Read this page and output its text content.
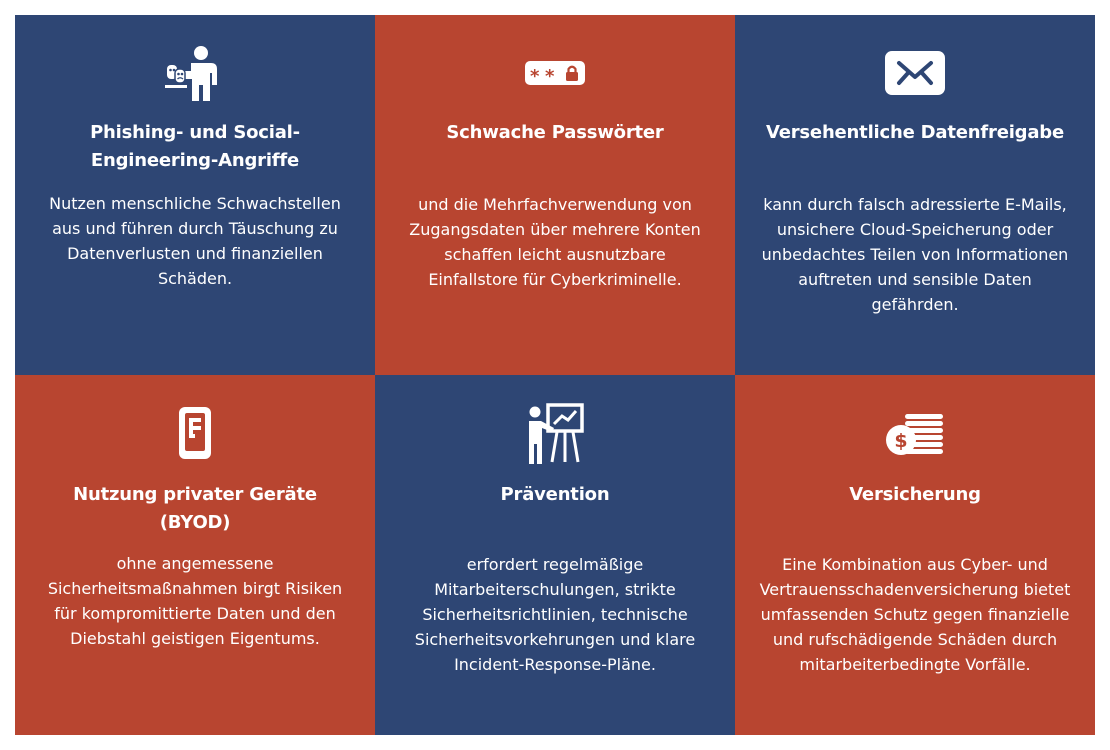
Phishing- und Social-Engineering-Angriffe

Nutzen menschliche Schwachstellen aus und führen durch Täuschung zu Datenverlusten und finanziellen Schäden.

* *
Schwache Passwörter

und die Mehrfachverwendung von Zugangsdaten über mehrere Konten schaffen leicht ausnutzbare Einfallstore für Cyberkriminelle.

Versehentliche Datenfreigabe

kann durch falsch adressierte E-Mails, unsichere Cloud-Speicherung oder unbedachtes Teilen von Informationen auftreten und sensible Daten gefährden.

Nutzung privater Geräte (BYOD)

ohne angemessene Sicherheitsmaßnahmen birgt Risiken für kompromittierte Daten und den Diebstahl geistigen Eigentums.

Prävention

erfordert regelmäßige Mitarbeiterschulungen, strikte Sicherheitsrichtlinien, technische Sicherheitsvorkehrungen und klare Incident-Response-Pläne.

$
Versicherung

Eine Kombination aus Cyber- und Vertrauensschadenversicherung bietet umfassenden Schutz gegen finanzielle und rufschädigende Schäden durch mitarbeiterbedingte Vorfälle.
